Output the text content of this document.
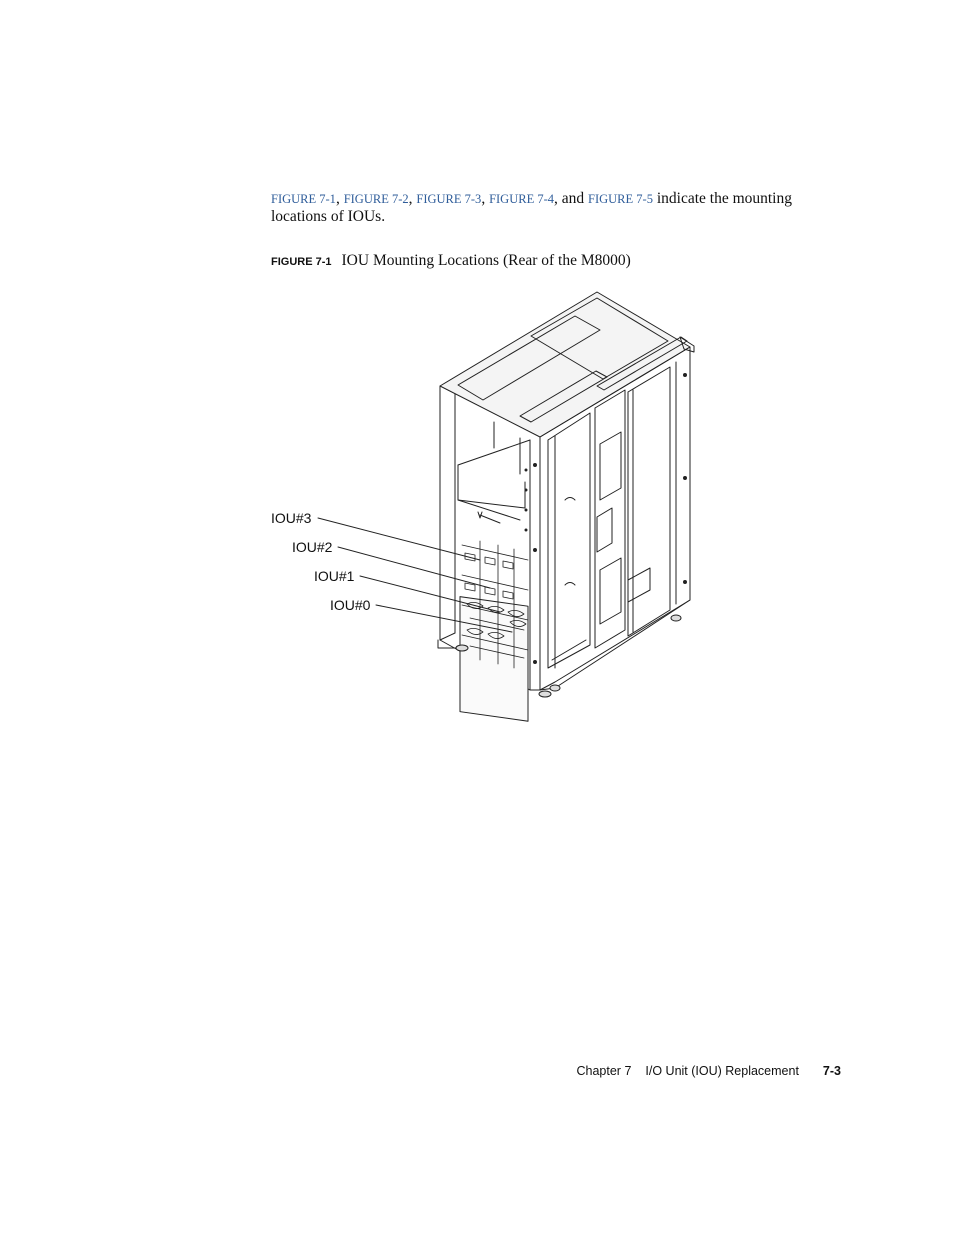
FIGURE 7-1, FIGURE 7-2, FIGURE 7-3, FIGURE 7-4, and FIGURE 7-5 indicate the mounting locations of IOUs.
FIGURE 7-1 IOU Mounting Locations (Rear of the M8000)
IOU#3
IOU#2
IOU#1
IOU#0
Chapter 7 I/O Unit (IOU) Replacement 7-3
